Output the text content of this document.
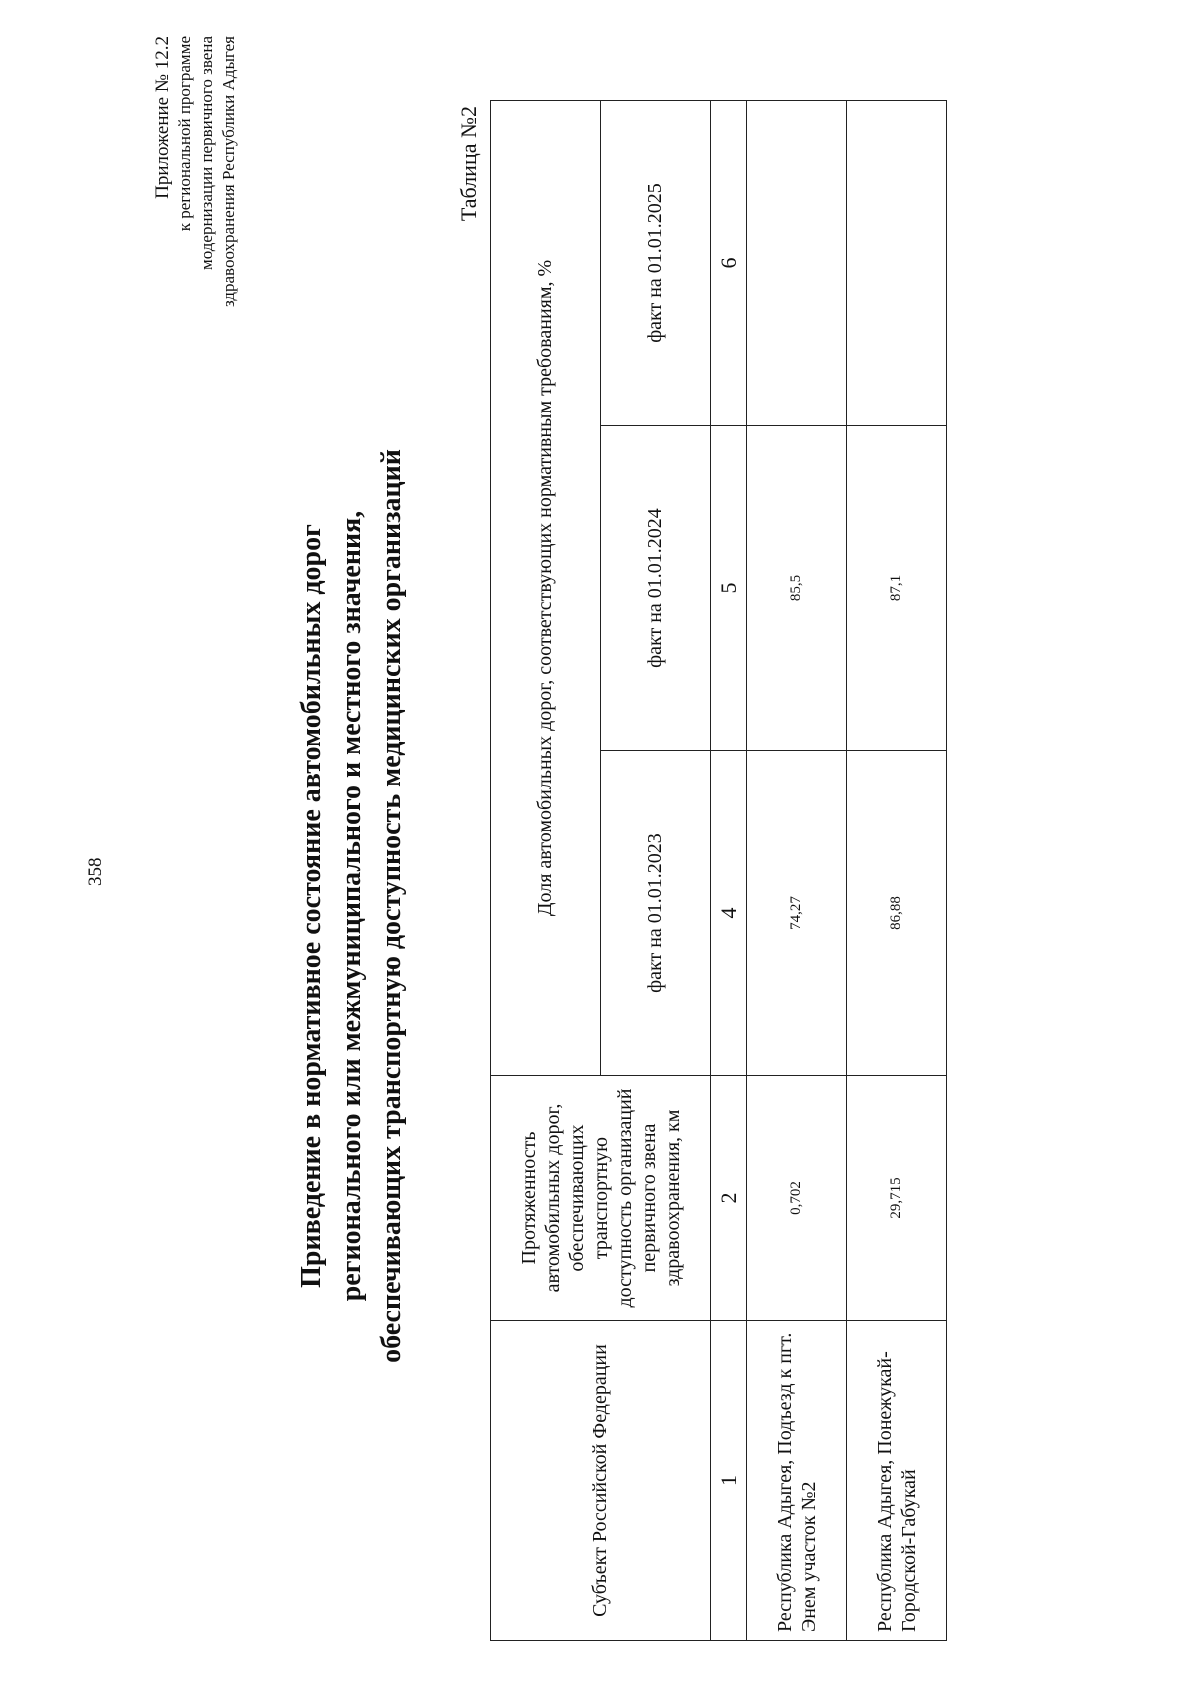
358
Приложение № 12.2 к региональной программе модернизации первичного звена здравоохранения Республики Адыгея
Приведение в нормативное состояние автомобильных дорог регионального или межмуниципального и местного значения, обеспечивающих транспортную доступность медицинских организаций
Таблица №2
Субъект Российской Федерации	Протяженность автомобильных дорог, обеспечивающих транспортную доступность организаций первичного звена здравоохранения, км	Доля автомобильных дорог, соответствующих нормативным требованиям, %		
		факт на 01.01.2023	факт на 01.01.2024	факт на 01.01.2025
1	2	4	5	6
Республика Адыгея, Подъезд к пгт. Энем участок №2	0,702	74,27	85,5	
Республика Адыгея, Понежукай-Городской-Габукай	29,715	86,88	87,1	
